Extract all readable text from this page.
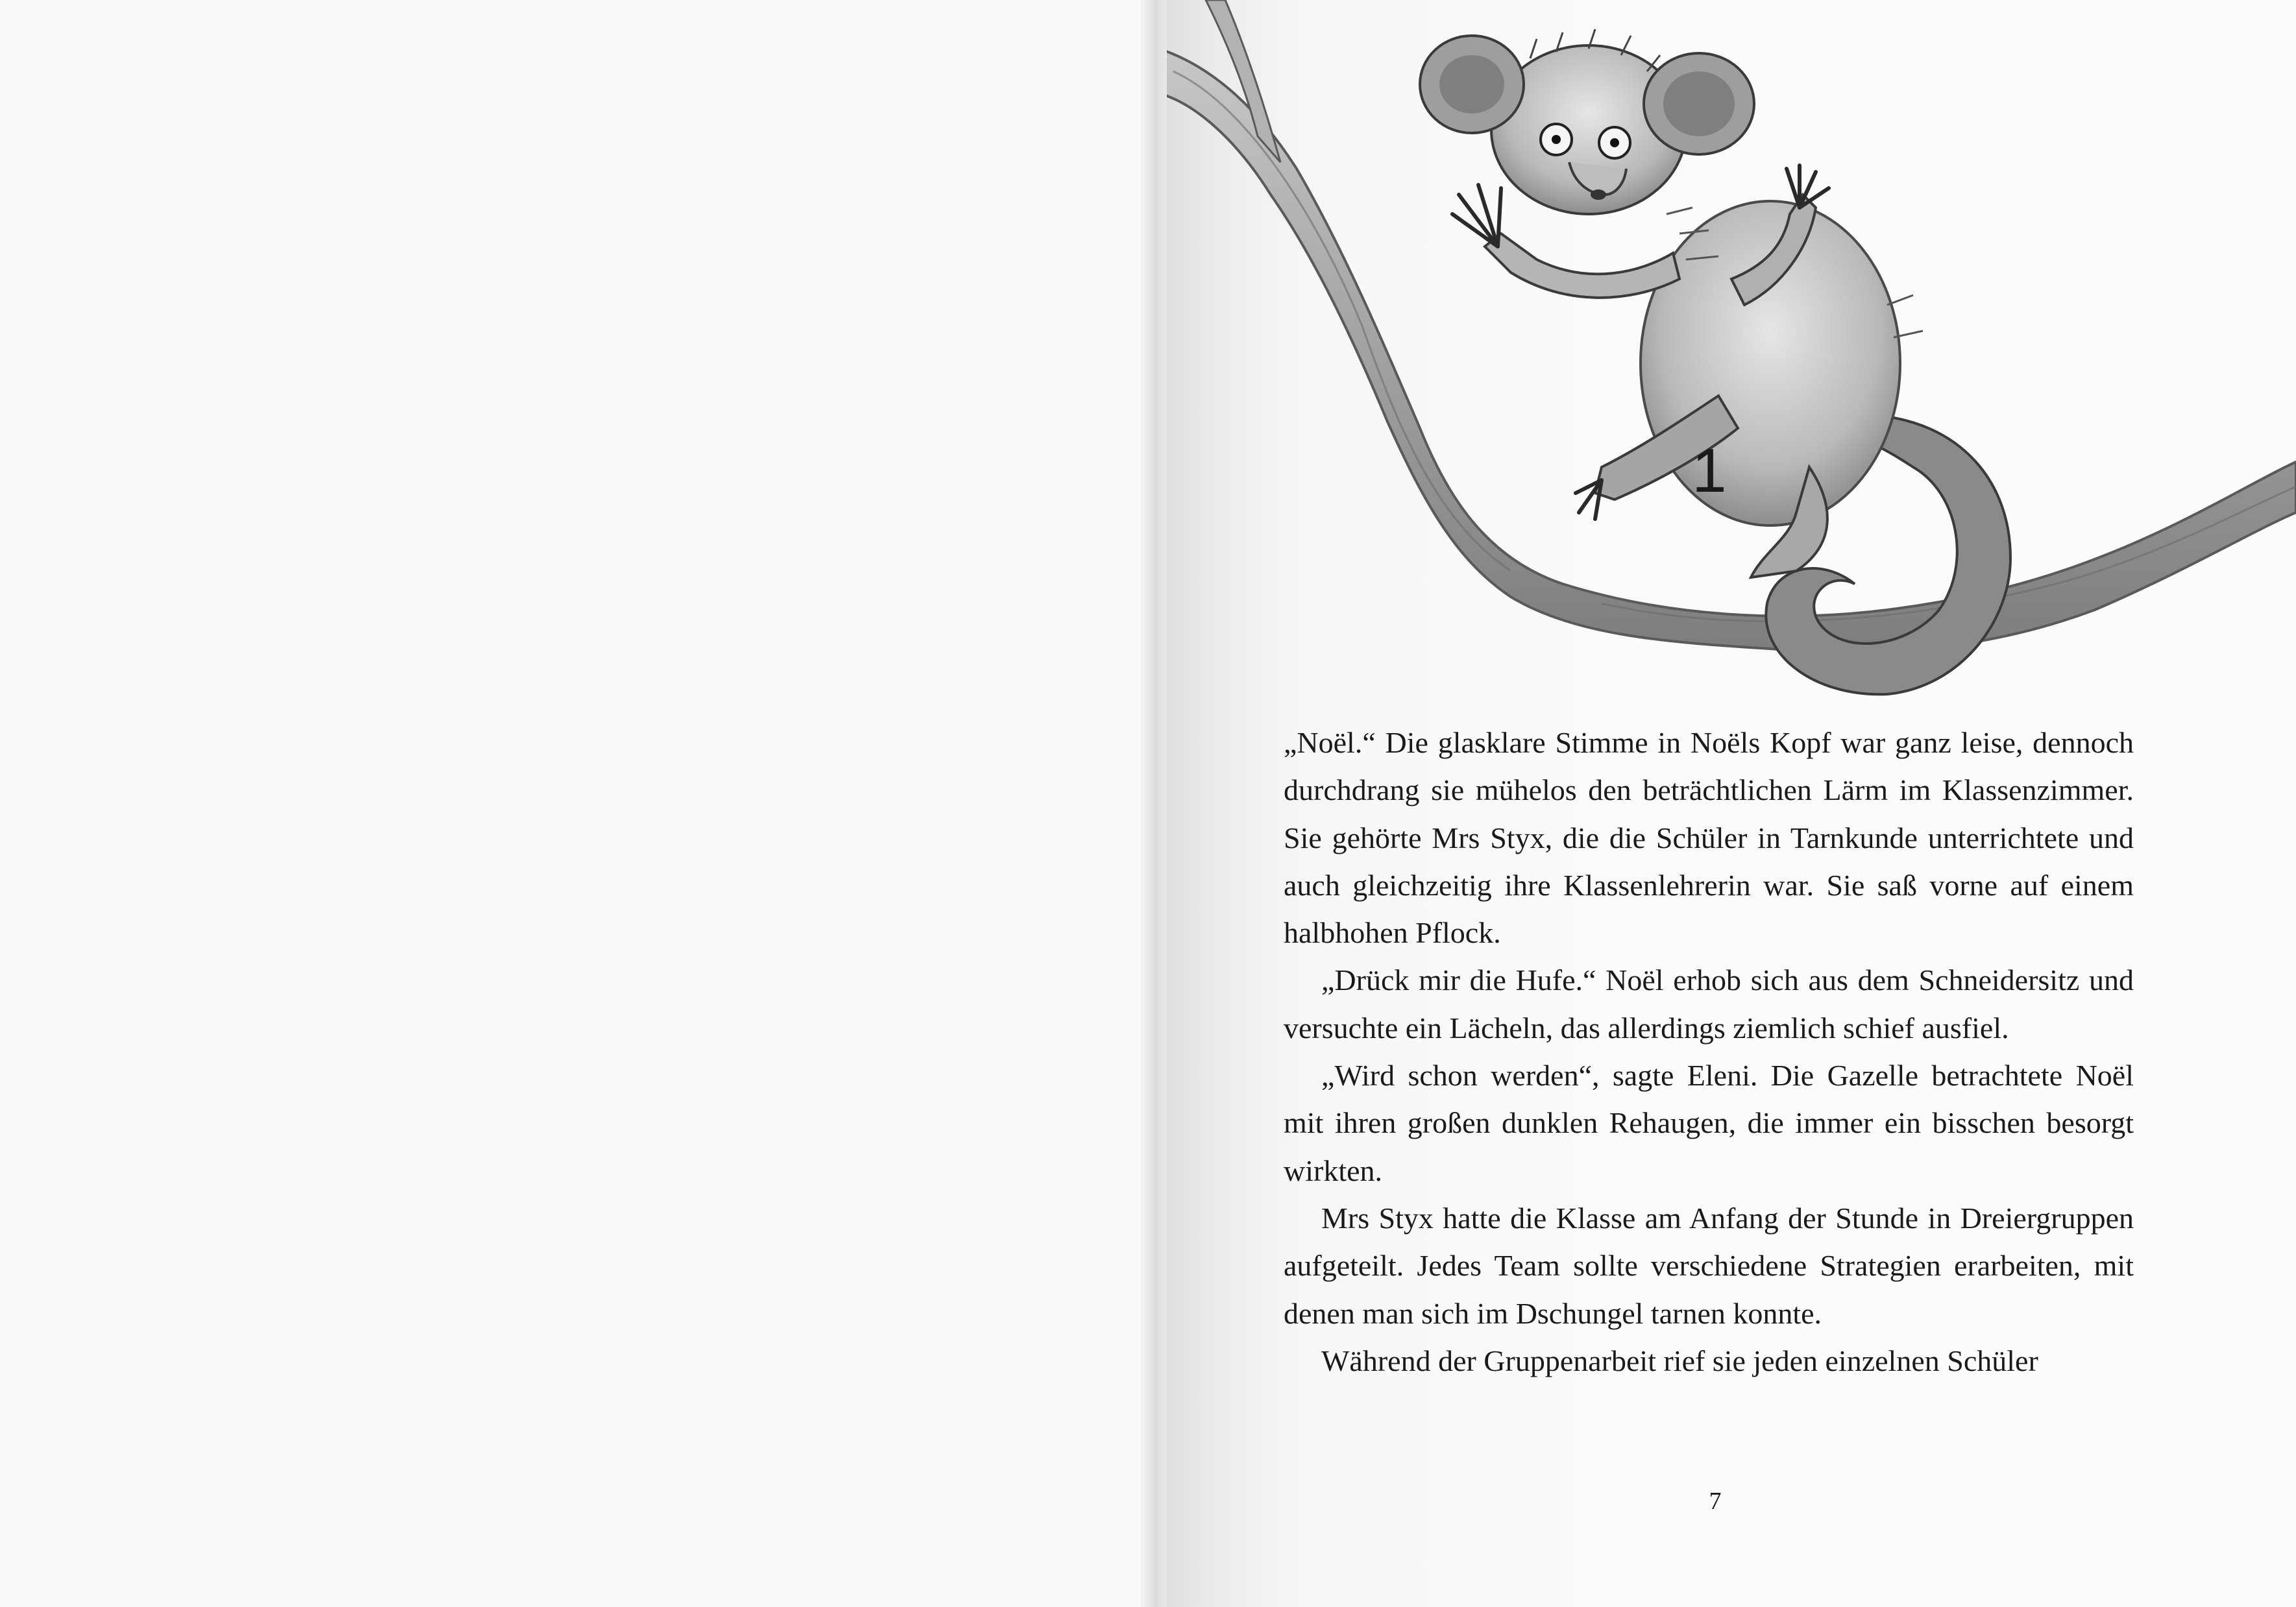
1

„Noël.“ Die glasklare Stimme in Noëls Kopf war ganz leise, dennoch durchdrang sie mühelos den beträchtlichen Lärm im Klassenzimmer. Sie gehörte Mrs Styx, die die Schüler in Tarnkunde unterrichtete und auch gleichzeitig ihre Klassenlehrerin war. Sie saß vorne auf einem halbhohen Pflock.

„Drück mir die Hufe.“ Noël erhob sich aus dem Schneidersitz und versuchte ein Lächeln, das allerdings ziemlich schief ausfiel.

„Wird schon werden“, sagte Eleni. Die Gazelle betrachtete Noël mit ihren großen dunklen Rehaugen, die immer ein bisschen besorgt wirkten.

Mrs Styx hatte die Klasse am Anfang der Stunde in Dreiergruppen aufgeteilt. Jedes Team sollte verschiedene Strategien erarbeiten, mit denen man sich im Dschungel tarnen konnte.

Während der Gruppenarbeit rief sie jeden einzelnen Schüler

7
